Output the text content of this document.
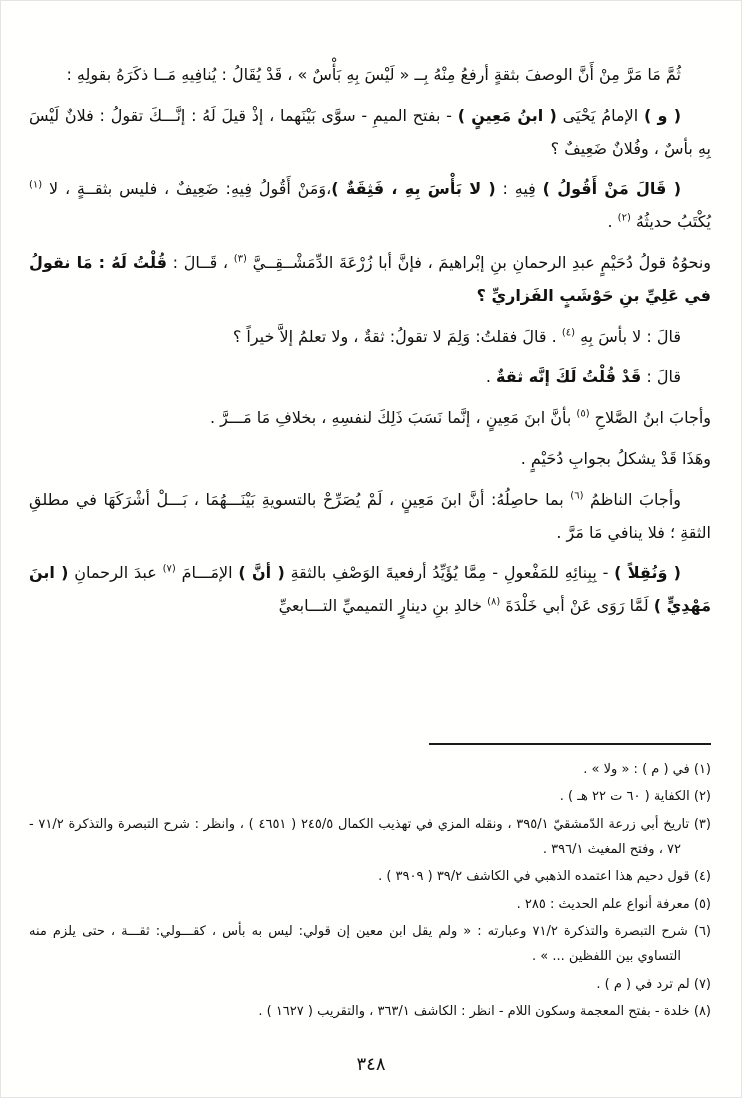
ثُمَّ مَا مَرَّ مِنْ أَنَّ الوصفَ بثقةٍ أرفعُ مِنْهُ بِــ « لَيْسَ بِهِ بَأْسٌ » ، قَدْ يُقَالُ : يُنافِيهِ مَــا ذكَرَهُ بقولِهِ :

( و ) الإمامُ يَحْيَى ( ابنُ مَعِينٍ ) - بفتح الميمِ - سوَّى بَيْنَهما ، إذْ قيلَ لَهُ : إنَّـــكَ تقولُ : فلانٌ لَيْسَ بِهِ بأسٌ ، وفُلانٌ ضَعِيفٌ ؟

( قَالَ مَنْ أَقُولُ ) فِيهِ : ( لا بَأْسَ بِهِ ، فَثِقَةٌ )،وَمَنْ أَقُولُ فِيهِ: ضَعِيفٌ ، فليس بثقــةٍ ، لا $^{(١)}$ يُكْتَبُ حديثُهُ $^{(٢)}$ .

ونحوُهُ قولُ دُحَيْمٍ عبدِ الرحمانِ بنِ إبْراهيمَ ، فإنَّ أبا زُرْعَةَ الدِّمَشْــقِــيَّ $^{(٣)}$ ، قَــالَ : قُلْتُ لَهُ : مَا نقولُ في عَلِيِّ بنِ حَوْشَبٍ الفَزاريِّ ؟

قالَ : لا بأسَ بِهِ $^{(٤)}$ . قالَ فقلتُ: وَلِمَ لا تقولُ: ثقةٌ ، ولا تعلمُ إلاَّ خيراً ؟

قالَ : قَدْ قُلْتُ لَكَ إنَّه ثقةٌ .

وأجابَ ابنُ الصَّلاحِ $^{(٥)}$ بأنَّ ابنَ مَعِينٍ ، إنَّما نَسَبَ ذَلِكَ لنفسِهِ ، بخلافِ مَا مَـــرَّ .

وهَذَا قَدْ يشكلُ بجوابِ دُحَيْمٍ .

وأجابَ الناظمُ $^{(٦)}$ بما حاصِلُهُ: أنَّ ابنَ مَعِينٍ ، لَمْ يُصَرِّحْ بالتسويةِ بَيْنَـــهُمَا ، بَـــلْ أشْرَكَهَا في مطلقِ الثقةِ ؛ فلا ينافي مَا مَرَّ .

( وَنُقِلاً ) - بِبِنائِهِ للمَفْعولِ - مِمَّا يُؤَيِّدُ أرفعيةَ الوَصْفِ بالثقةِ ( أنَّ ) الإمَـــامَ $^{(٧)}$ عبدَ الرحمانِ ( ابنَ مَهْدِيٍّ ) لَمَّا رَوَى عَنْ أبي خَلْدَةَ $^{(٨)}$ خالدِ بنِ دينارٍ التميميِّ التـــابعيِّ

(١) في ( م ) : « ولا » .

(٢) الكفاية ( ٦٠ ت ٢٢ هـ ) .

(٣) تاريخ أبي زرعة الدّمشقيّ ٣٩٥/١ ، ونقله المزي في تهذيب الكمال ٢٤٥/٥ ( ٤٦٥١ ) ، وانظر : شرح التبصرة والتذكرة ٧١/٢ - ٧٢ ، وفتح المغيث ٣٩٦/١ .

(٤) قول دحيم هذا اعتمده الذهبي في الكاشف ٣٩/٢ ( ٣٩٠٩ ) .

(٥) معرفة أنواع علم الحديث : ٢٨٥ .

(٦) شرح التبصرة والتذكرة ٧١/٢ وعبارته : « ولم يقل ابن معين إن قولي: ليس به بأس ، كقـــولي: ثقـــة ، حتى يلزم منه التساوي بين اللفظين ... » .

(٧) لم ترد في ( م ) .

(٨) خلدة - بفتح المعجمة وسكون اللام - انظر : الكاشف ٣٦٣/١ ، والتقريب ( ١٦٢٧ ) .

٣٤٨
